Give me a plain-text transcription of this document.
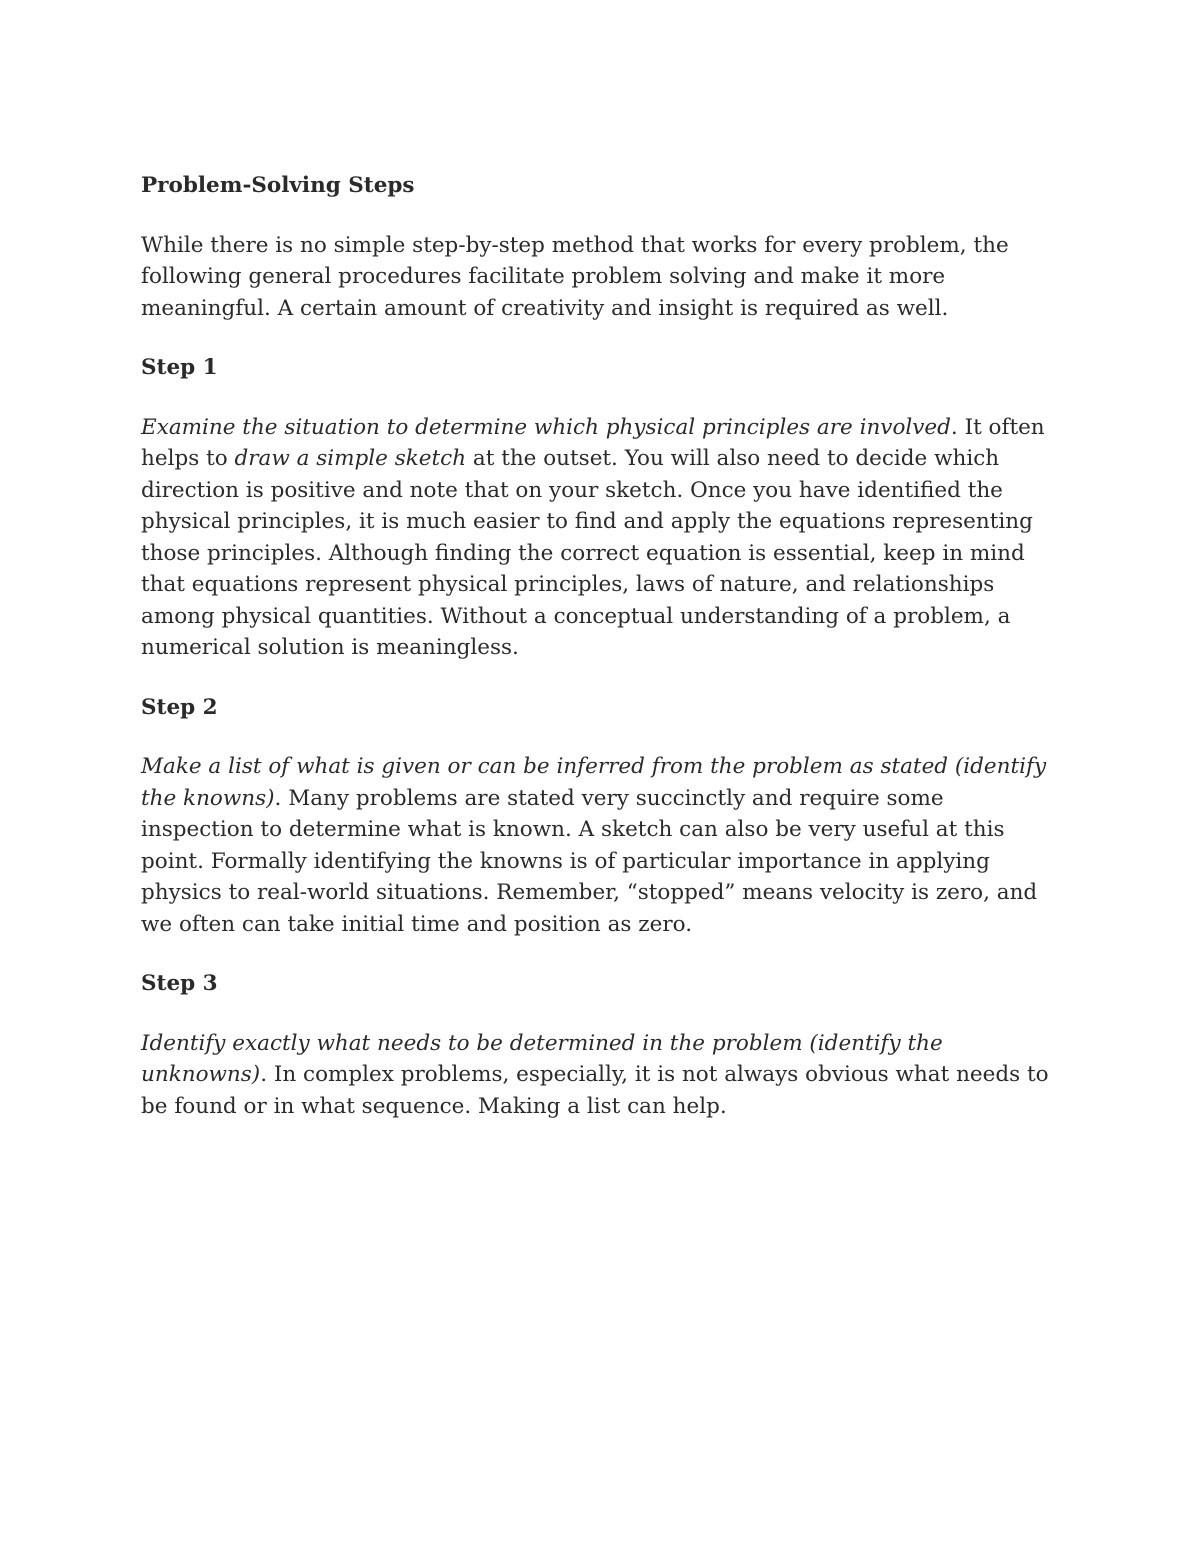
Problem-Solving Steps

While there is no simple step-by-step method that works for every problem, the following general procedures facilitate problem solving and make it more meaningful. A certain amount of creativity and insight is required as well.

Step 1

Examine the situation to determine which physical principles are involved. It often helps to draw a simple sketch at the outset. You will also need to decide which direction is positive and note that on your sketch. Once you have identified the physical principles, it is much easier to find and apply the equations representing those principles. Although finding the correct equation is essential, keep in mind that equations represent physical principles, laws of nature, and relationships among physical quantities. Without a conceptual understanding of a problem, a numerical solution is meaningless.

Step 2

Make a list of what is given or can be inferred from the problem as stated (identify the knowns). Many problems are stated very succinctly and require some inspection to determine what is known. A sketch can also be very useful at this point. Formally identifying the knowns is of particular importance in applying physics to real-world situations. Remember, “stopped” means velocity is zero, and we often can take initial time and position as zero.

Step 3

Identify exactly what needs to be determined in the problem (identify the unknowns). In complex problems, especially, it is not always obvious what needs to be found or in what sequence. Making a list can help.
